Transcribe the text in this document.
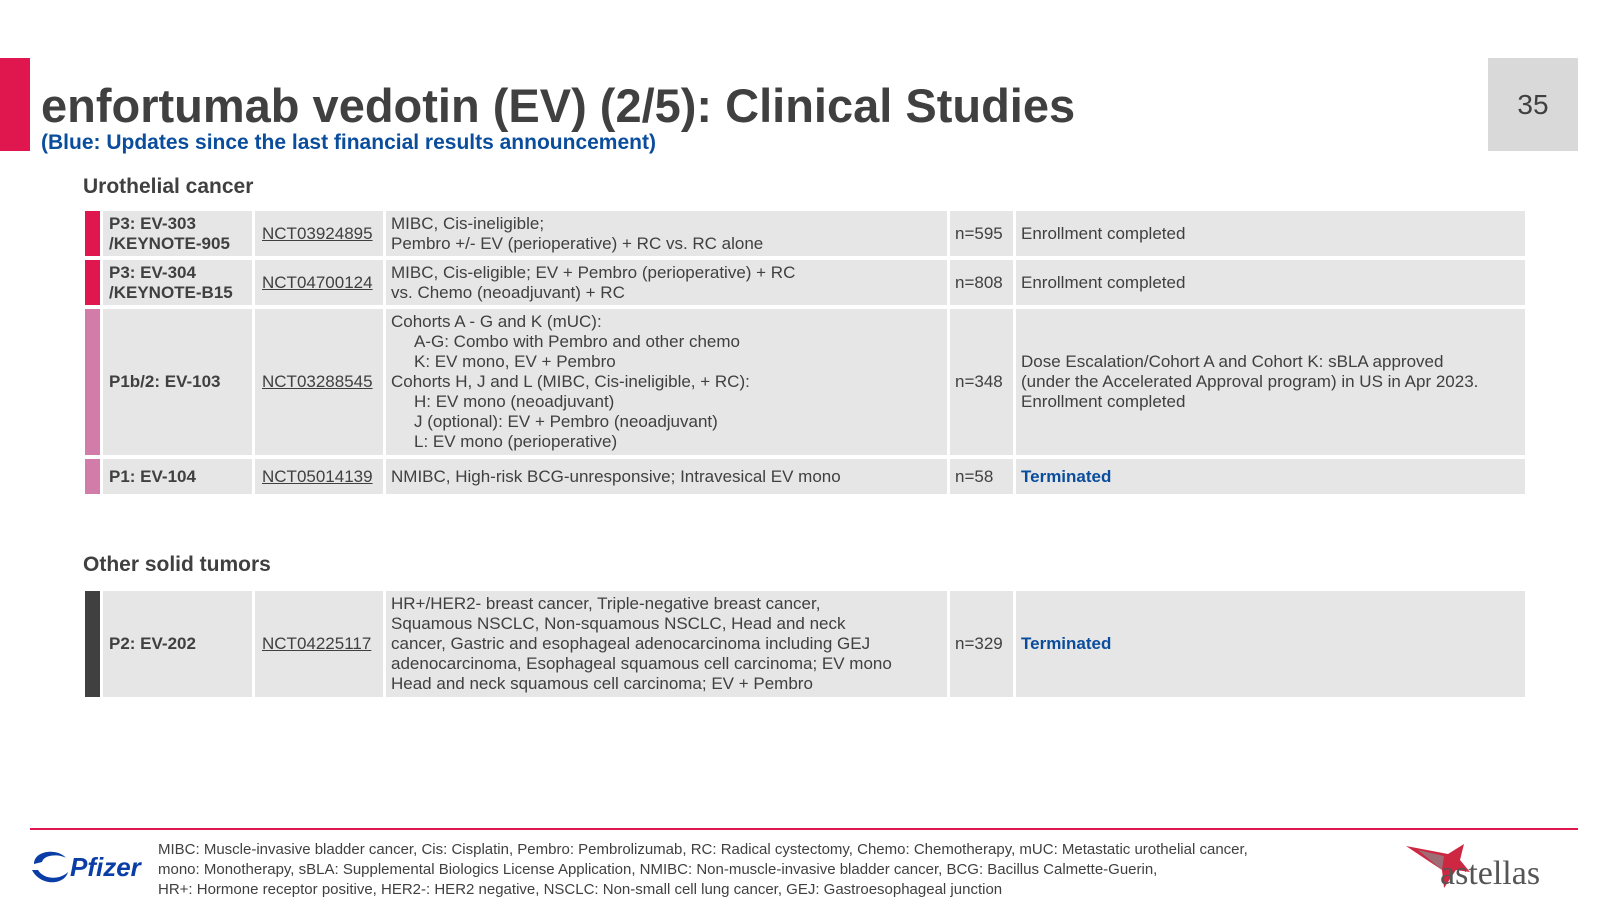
enfortumab vedotin (EV) (2/5): Clinical Studies
(Blue: Updates since the last financial results announcement)
35
Urothelial cancer
P3: EV-303
/KEYNOTE-905
NCT03924895
MIBC, Cis-ineligible;
Pembro +/- EV (perioperative) + RC vs. RC alone
n=595	Enrollment completed
P3: EV-304
/KEYNOTE-B15
NCT04700124
MIBC, Cis-eligible; EV + Pembro (perioperative) + RC
vs. Chemo (neoadjuvant) + RC
n=808	Enrollment completed
P1b/2: EV-103 NCT03288545
Cohorts A - G and K (mUC):
A-G: Combo with Pembro and other chemo
K: EV mono, EV + Pembro
Cohorts H, J and L (MIBC, Cis-ineligible, + RC):
H: EV mono (neoadjuvant)
J (optional): EV + Pembro (neoadjuvant)
L: EV mono (perioperative)
n=348
Dose Escalation/Cohort A and Cohort K: sBLA approved
(under the Accelerated Approval program) in US in Apr 2023.
Enrollment completed
P1: EV-104	NCT05014139 NMIBC, High-risk BCG-unresponsive; Intravesical EV mono	n=58	Terminated
Other solid tumors
P2: EV-202	NCT04225117
HR+/HER2- breast cancer, Triple-negative breast cancer,
Squamous NSCLC, Non-squamous NSCLC, Head and neck
cancer, Gastric and esophageal adenocarcinoma including GEJ
adenocarcinoma, Esophageal squamous cell carcinoma; EV mono
Head and neck squamous cell carcinoma; EV + Pembro
n=329	Terminated
Pfizer
MIBC: Muscle-invasive bladder cancer, Cis: Cisplatin, Pembro: Pembrolizumab, RC: Radical cystectomy, Chemo: Chemotherapy, mUC: Metastatic urothelial cancer,
mono: Monotherapy, sBLA: Supplemental Biologics License Application, NMIBC: Non-muscle-invasive bladder cancer, BCG: Bacillus Calmette-Guerin,
HR+: Hormone receptor positive, HER2-: HER2 negative, NSCLC: Non-small cell lung cancer, GEJ: Gastroesophageal junction	astellas
